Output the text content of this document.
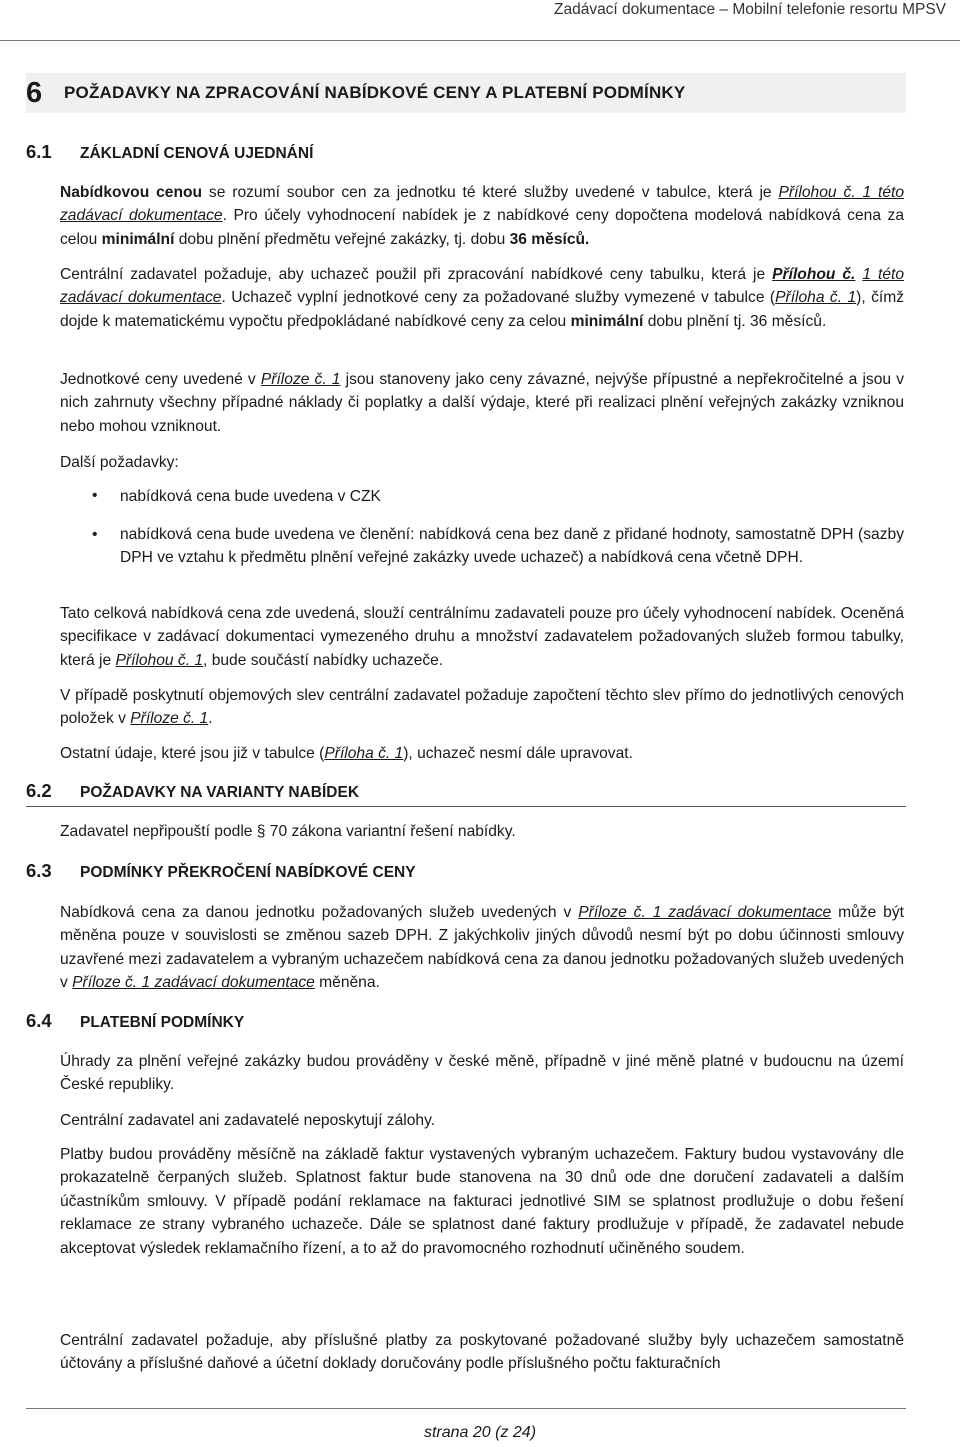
Zadávací dokumentace – Mobilní telefonie resortu MPSV
6	POŽADAVKY NA ZPRACOVÁNÍ NABÍDKOVÉ CENY A PLATEBNÍ PODMÍNKY
6.1	ZÁKLADNÍ CENOVÁ UJEDNÁNÍ

Nabídkovou cenou se rozumí soubor cen za jednotku té které služby uvedené v tabulce, která je Přílohou č. 1 této zadávací dokumentace. Pro účely vyhodnocení nabídek je z nabídkové ceny dopočtena modelová nabídková cena za celou minimální dobu plnění předmětu veřejné zakázky, tj. dobu 36 měsíců.

Centrální zadavatel požaduje, aby uchazeč použil při zpracování nabídkové ceny tabulku, která je Přílohou č. 1 této zadávací dokumentace. Uchazeč vyplní jednotkové ceny za požadované služby vymezené v tabulce (Příloha č. 1), čímž dojde k matematickému vypočtu předpokládané nabídkové ceny za celou minimální dobu plnění tj. 36 měsíců.

Jednotkové ceny uvedené v Příloze č. 1 jsou stanoveny jako ceny závazné, nejvýše přípustné a nepřekročitelné a jsou v nich zahrnuty všechny případné náklady či poplatky a další výdaje, které při realizaci plnění veřejných zakázky vzniknou nebo mohou vzniknout.

Další požadavky:

• nabídková cena bude uvedena v CZK

• nabídková cena bude uvedena ve členění: nabídková cena bez daně z přidané hodnoty, samostatně DPH (sazby DPH ve vztahu k předmětu plnění veřejné zakázky uvede uchazeč) a nabídková cena včetně DPH.

Tato celková nabídková cena zde uvedená, slouží centrálnímu zadavateli pouze pro účely vyhodnocení nabídek. Oceněná specifikace v zadávací dokumentaci vymezeného druhu a množství zadavatelem požadovaných služeb formou tabulky, která je Přílohou č. 1, bude součástí nabídky uchazeče.

V případě poskytnutí objemových slev centrální zadavatel požaduje započtení těchto slev přímo do jednotlivých cenových položek v Příloze č. 1.

Ostatní údaje, které jsou již v tabulce (Příloha č. 1), uchazeč nesmí dále upravovat.

6.2	POŽADAVKY NA VARIANTY NABÍDEK

Zadavatel nepřipouští podle § 70 zákona variantní řešení nabídky.

6.3	PODMÍNKY PŘEKROČENÍ NABÍDKOVÉ CENY

Nabídková cena za danou jednotku požadovaných služeb uvedených v Příloze č. 1 zadávací dokumentace může být měněna pouze v souvislosti se změnou sazeb DPH. Z jakýchkoliv jiných důvodů nesmí být po dobu účinnosti smlouvy uzavřené mezi zadavatelem a vybraným uchazečem nabídková cena za danou jednotku požadovaných služeb uvedených v Příloze č. 1 zadávací dokumentace měněna.

6.4	PLATEBNÍ PODMÍNKY

Úhrady za plnění veřejné zakázky budou prováděny v české měně, případně v jiné měně platné v budoucnu na území České republiky.

Centrální zadavatel ani zadavatelé neposkytují zálohy.

Platby budou prováděny měsíčně na základě faktur vystavených vybraným uchazečem. Faktury budou vystavovány dle prokazatelně čerpaných služeb. Splatnost faktur bude stanovena na 30 dnů ode dne doručení zadavateli a dalším účastníkům smlouvy. V případě podání reklamace na fakturaci jednotlivé SIM se splatnost prodlužuje o dobu řešení reklamace ze strany vybraného uchazeče. Dále se splatnost dané faktury prodlužuje v případě, že zadavatel nebude akceptovat výsledek reklamačního řízení, a to až do pravomocného rozhodnutí učiněného soudem.

Centrální zadavatel požaduje, aby příslušné platby za poskytované požadované služby byly uchazečem samostatně účtovány a příslušné daňové a účetní doklady doručovány podle příslušného počtu fakturačních

strana 20 (z 24)
